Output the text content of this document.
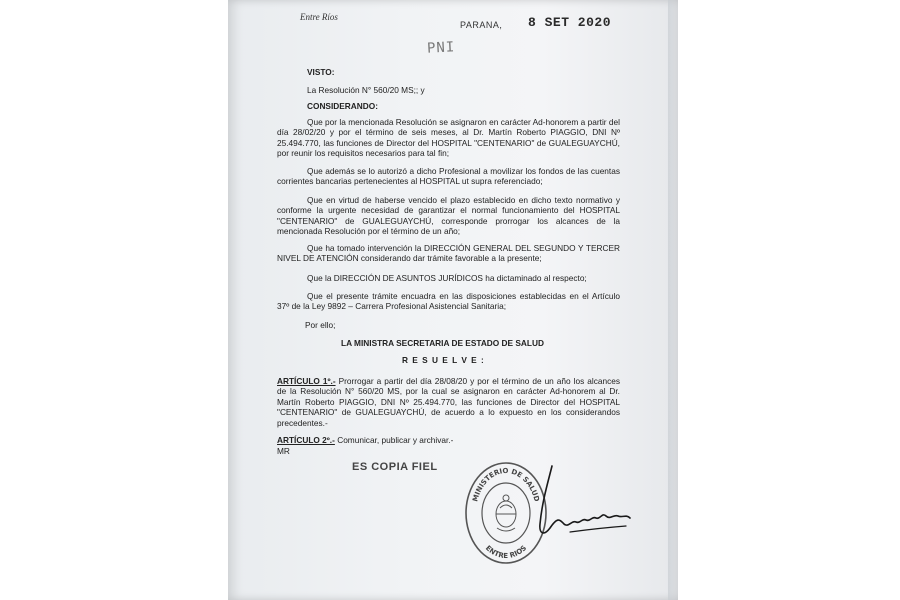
Entre Ríos
PARANA, 8 SET 2020
PNI
VISTO:
La Resolución N° 560/20 MS;; y
CONSIDERANDO:
Que por la mencionada Resolución se asignaron en carácter Ad-honorem a partir del día 28/02/20 y por el término de seis meses, al Dr. Martín Roberto PIAGGIO, DNI Nº 25.494.770, las funciones de Director del HOSPITAL "CENTENARIO" de GUALEGUAYCHÚ, por reunir los requisitos necesarios para tal fin;
Que además se lo autorizó a dicho Profesional a movilizar los fondos de las cuentas corrientes bancarias pertenecientes al HOSPITAL ut supra referenciado;
Que en virtud de haberse vencido el plazo establecido en dicho texto normativo y conforme la urgente necesidad de garantizar el normal funcionamiento del HOSPITAL "CENTENARIO" de GUALEGUAYCHÚ, corresponde prorrogar los alcances de la mencionada Resolución por el término de un año;
Que ha tomado intervención la DIRECCIÓN GENERAL DEL SEGUNDO Y TERCER NIVEL DE ATENCIÓN considerando dar trámite favorable a la presente;
Que la DIRECCIÓN DE ASUNTOS JURÍDICOS ha dictaminado al respecto;
Que el presente trámite encuadra en las disposiciones establecidas en el Artículo 37º de la Ley 9892 – Carrera Profesional Asistencial Sanitaria;
Por ello;
LA MINISTRA SECRETARIA DE ESTADO DE SALUD
R E S U E L V E :
ARTÍCULO 1º.- Prorrogar a partir del día 28/08/20 y por el término de un año los alcances de la Resolución N° 560/20 MS, por la cual se asignaron en carácter Ad-honorem al Dr. Martín Roberto PIAGGIO, DNI Nº 25.494.770, las funciones de Director del HOSPITAL "CENTENARIO" de GUALEGUAYCHÚ, de acuerdo a lo expuesto en los considerandos precedentes.-
ARTÍCULO 2º.- Comunicar, publicar y archivar.-
MR
ES COPIA FIEL
MINISTERIO DE SALUD
ENTRE RIOS
